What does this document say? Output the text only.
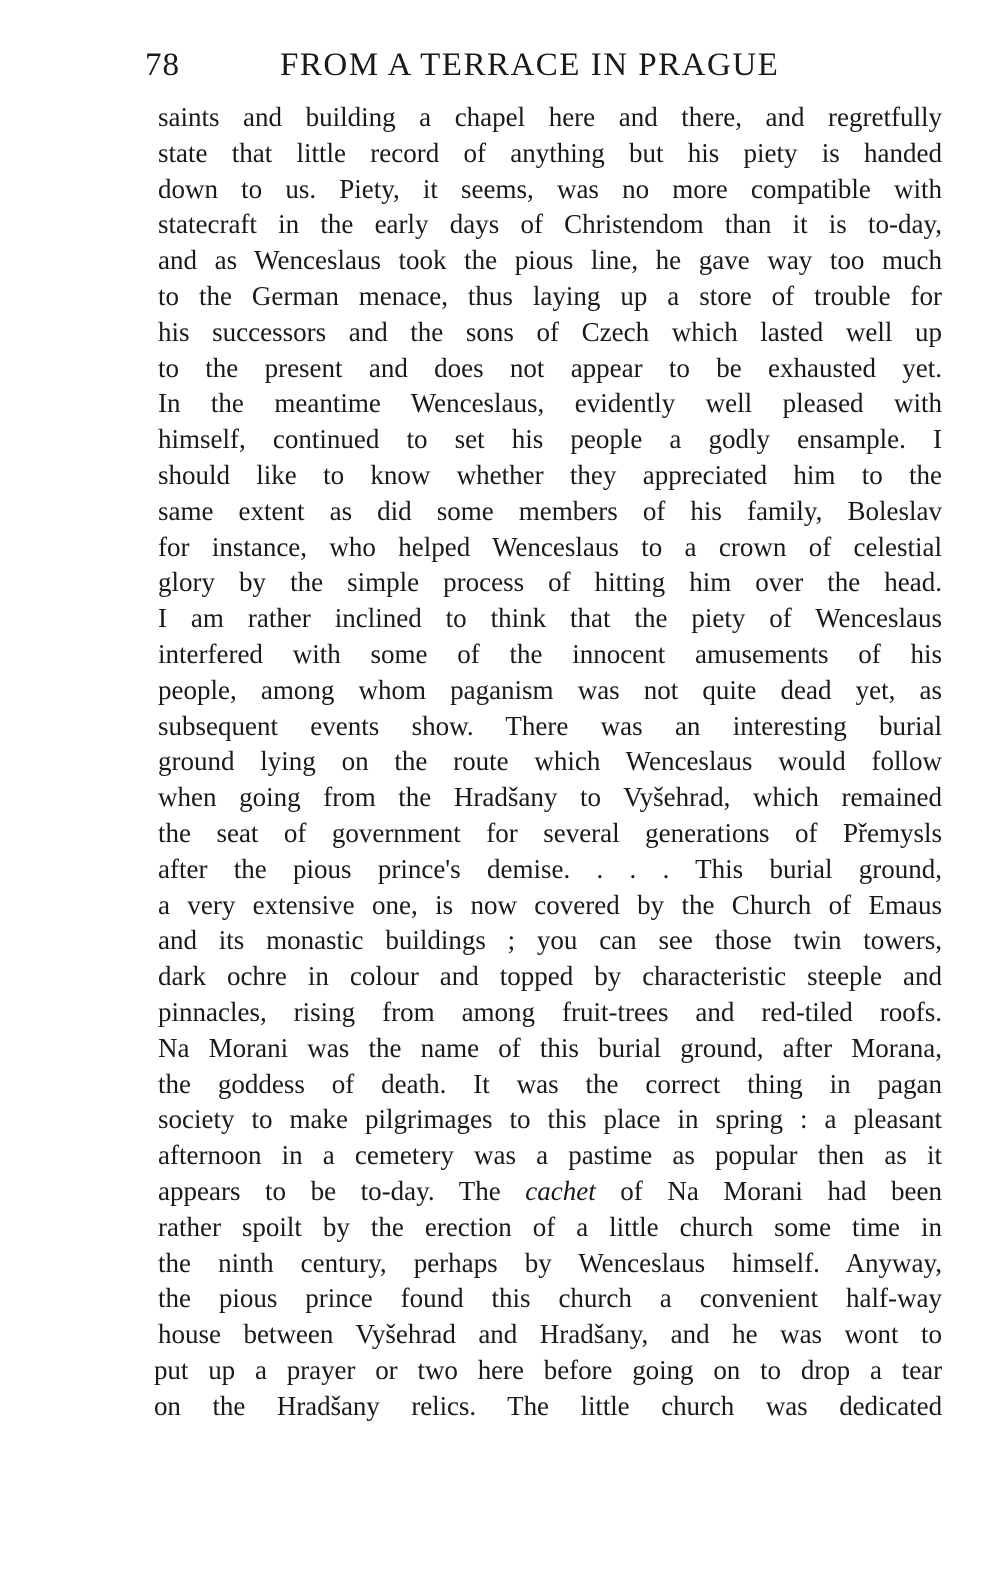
78	FROM A TERRACE IN PRAGUE
saints and building a chapel here and there, and regretfully
state that little record of anything but his piety is handed
down to us. Piety, it seems, was no more compatible with
statecraft in the early days of Christendom than it is to-day,
and as Wenceslaus took the pious line, he gave way too much
to the German menace, thus laying up a store of trouble for
his successors and the sons of Czech which lasted well up
to the present and does not appear to be exhausted yet.
In the meantime Wenceslaus, evidently well pleased with
himself, continued to set his people a godly ensample. I
should like to know whether they appreciated him to the
same extent as did some members of his family, Boleslav
for instance, who helped Wenceslaus to a crown of celestial
glory by the simple process of hitting him over the head.
I am rather inclined to think that the piety of Wenceslaus
interfered with some of the innocent amusements of his
people, among whom paganism was not quite dead yet, as
subsequent events show. There was an interesting burial
ground lying on the route which Wenceslaus would follow
when going from the Hradšany to Vyšehrad, which remained
the seat of government for several generations of Přemysls
after the pious prince's demise. . . . This burial ground,
a very extensive one, is now covered by the Church of Emaus
and its monastic buildings ; you can see those twin towers,
dark ochre in colour and topped by characteristic steeple and
pinnacles, rising from among fruit-trees and red-tiled roofs.
Na Morani was the name of this burial ground, after Morana,
the goddess of death. It was the correct thing in pagan
society to make pilgrimages to this place in spring : a pleasant
afternoon in a cemetery was a pastime as popular then as it
appears to be to-day. The cachet of Na Morani had been
rather spoilt by the erection of a little church some time in
the ninth century, perhaps by Wenceslaus himself. Anyway,
the pious prince found this church a convenient half-way
house between Vyšehrad and Hradšany, and he was wont to
put up a prayer or two here before going on to drop a tear
on the Hradšany relics. The little church was dedicated
